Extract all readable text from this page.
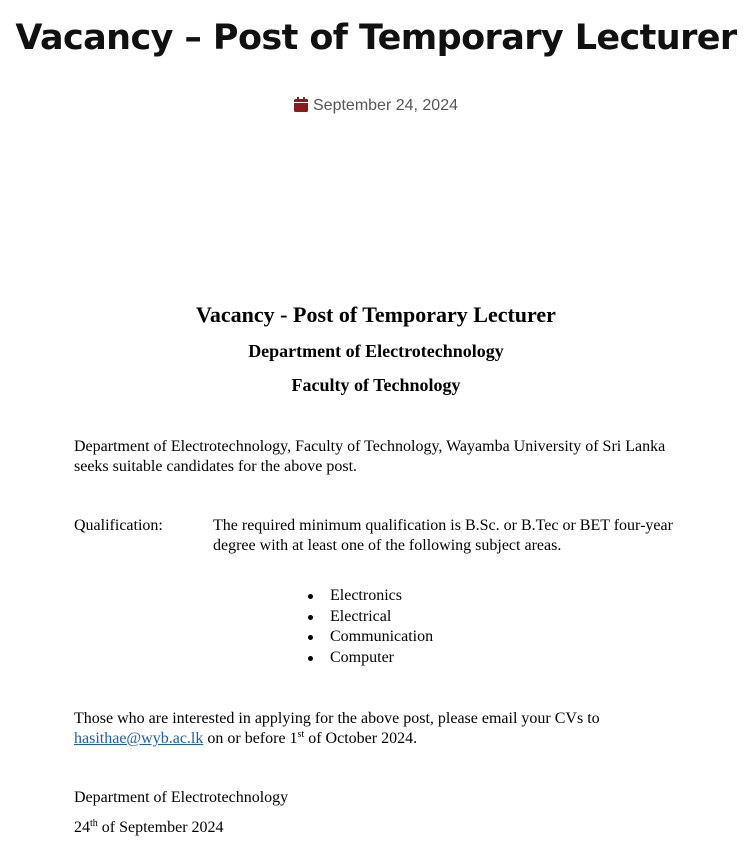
Vacancy – Post of Temporary Lecturer
September 24, 2024
Vacancy - Post of Temporary Lecturer
Department of Electrotechnology
Faculty of Technology

Department of Electrotechnology, Faculty of Technology, Wayamba University of Sri Lanka seeks suitable candidates for the above post.

Qualification:	The required minimum qualification is B.Sc. or B.Tec or BET four-year degree with at least one of the following subject areas.
Electronics
Electrical
Communication
Computer

Those who are interested in applying for the above post, please email your CVs to hasithae@wyb.ac.lk on or before 1st of October 2024.

Department of Electrotechnology

24th of September 2024
